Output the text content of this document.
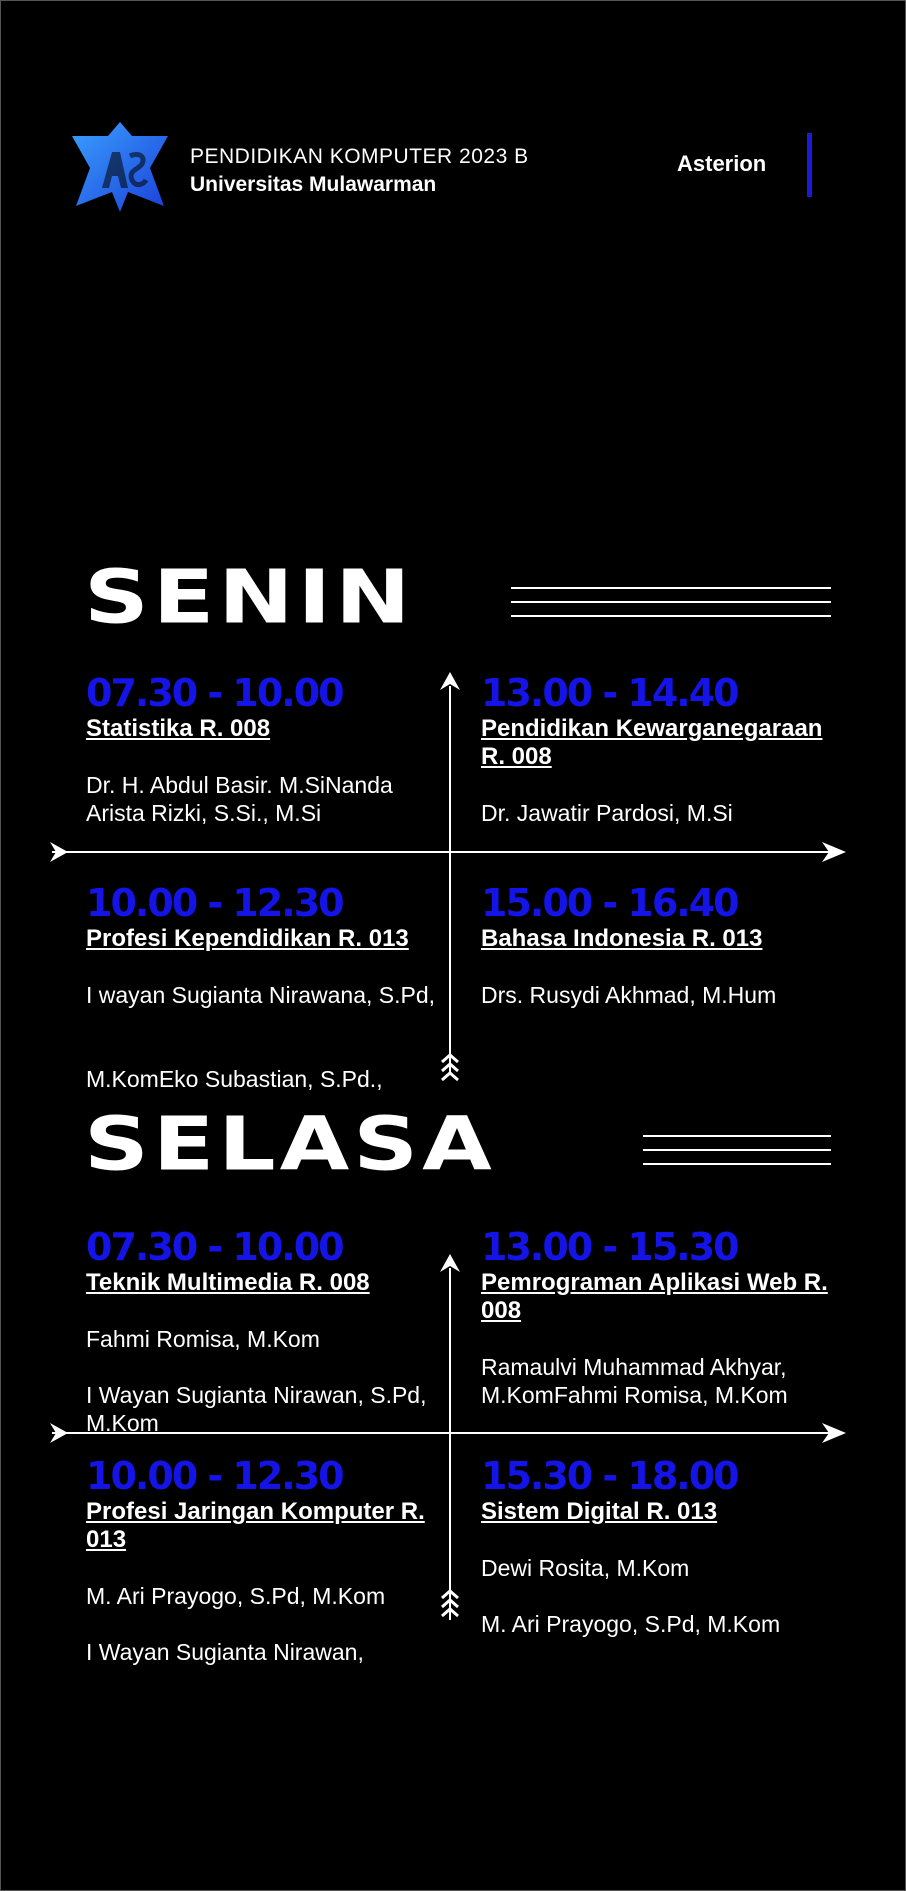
PENDIDIKAN KOMPUTER 2023 B
Universitas Mulawarman
Asterion
SENIN
07.30 - 10.00
Statistika R. 008
Dr. H. Abdul Basir. M.SiNanda Arista Rizki, S.Si., M.Si
13.00 - 14.40
Pendidikan Kewarganegaraan R. 008
Dr. Jawatir Pardosi, M.Si
10.00 - 12.30
Profesi Kependidikan R. 013
I wayan Sugianta Nirawana, S.Pd,
M.KomEko Subastian, S.Pd.,
15.00 - 16.40
Bahasa Indonesia R. 013
Drs. Rusydi Akhmad, M.Hum
SELASA
07.30 - 10.00
Teknik Multimedia R. 008
Fahmi Romisa, M.Kom
I Wayan Sugianta Nirawan, S.Pd, M.Kom
13.00 - 15.30
Pemrograman Aplikasi Web R. 008
Ramaulvi Muhammad Akhyar, M.KomFahmi Romisa, M.Kom
10.00 - 12.30
Profesi Jaringan Komputer R. 013
M. Ari Prayogo, S.Pd, M.Kom
I Wayan Sugianta Nirawan,
15.30 - 18.00
Sistem Digital R. 013
Dewi Rosita, M.Kom
M. Ari Prayogo, S.Pd, M.Kom
